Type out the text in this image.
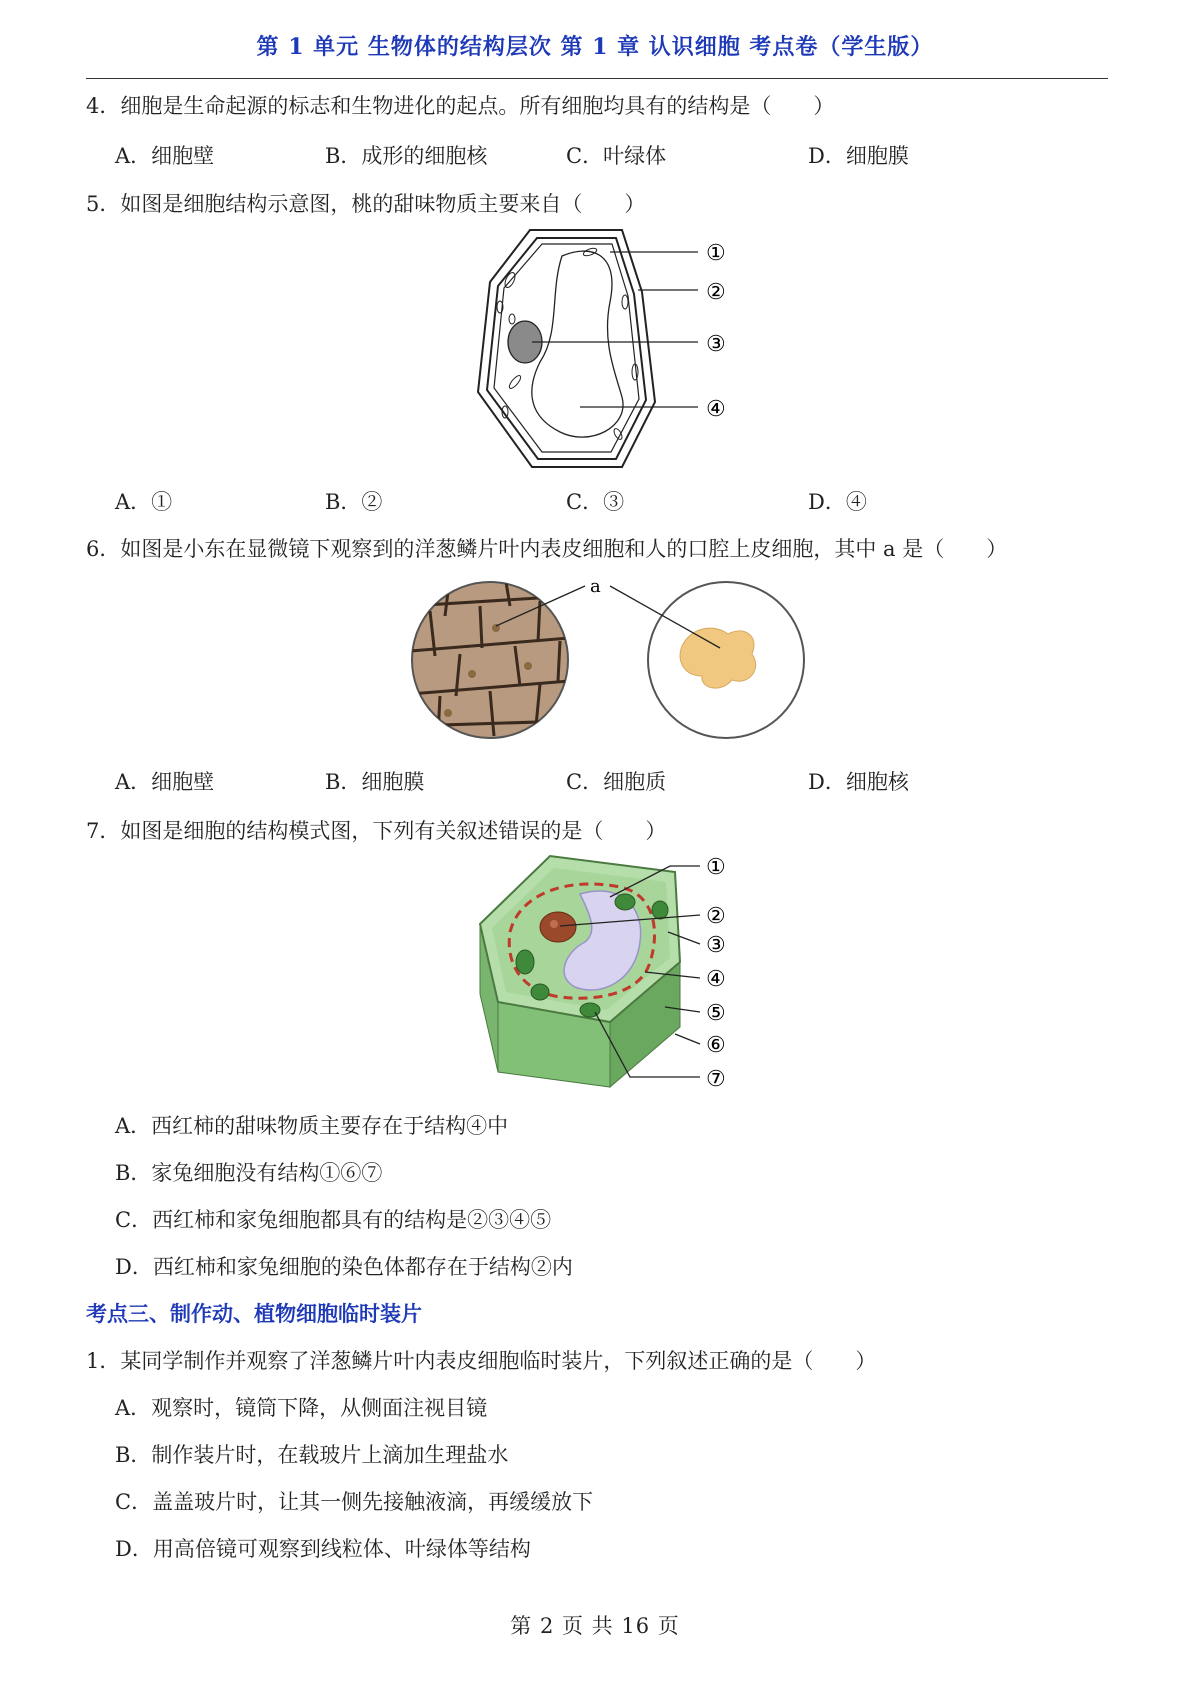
第 1 单元 生物体的结构层次 第 1 章 认识细胞 考点卷（学生版）
4．细胞是生命起源的标志和生物进化的起点。所有细胞均具有的结构是（　　）
A．细胞壁	B．成形的细胞核	C．叶绿体	D．细胞膜
5．如图是细胞结构示意图，桃的甜味物质主要来自（　　）
①
②
③
④
A．①	B．②	C．③	D．④
6．如图是小东在显微镜下观察到的洋葱鳞片叶内表皮细胞和人的口腔上皮细胞，其中 a 是（　　）
a
A．细胞壁	B．细胞膜	C．细胞质	D．细胞核
7．如图是细胞的结构模式图，下列有关叙述错误的是（　　）
①
②
③
④
⑤
⑥
⑦
A．西红柿的甜味物质主要存在于结构④中
B．家兔细胞没有结构①⑥⑦
C．西红柿和家兔细胞都具有的结构是②③④⑤
D．西红柿和家兔细胞的染色体都存在于结构②内
考点三、制作动、植物细胞临时装片
1．某同学制作并观察了洋葱鳞片叶内表皮细胞临时装片，下列叙述正确的是（　　）
A．观察时，镜筒下降，从侧面注视目镜
B．制作装片时，在载玻片上滴加生理盐水
C．盖盖玻片时，让其一侧先接触液滴，再缓缓放下
D．用高倍镜可观察到线粒体、叶绿体等结构
第 2 页 共 16 页
